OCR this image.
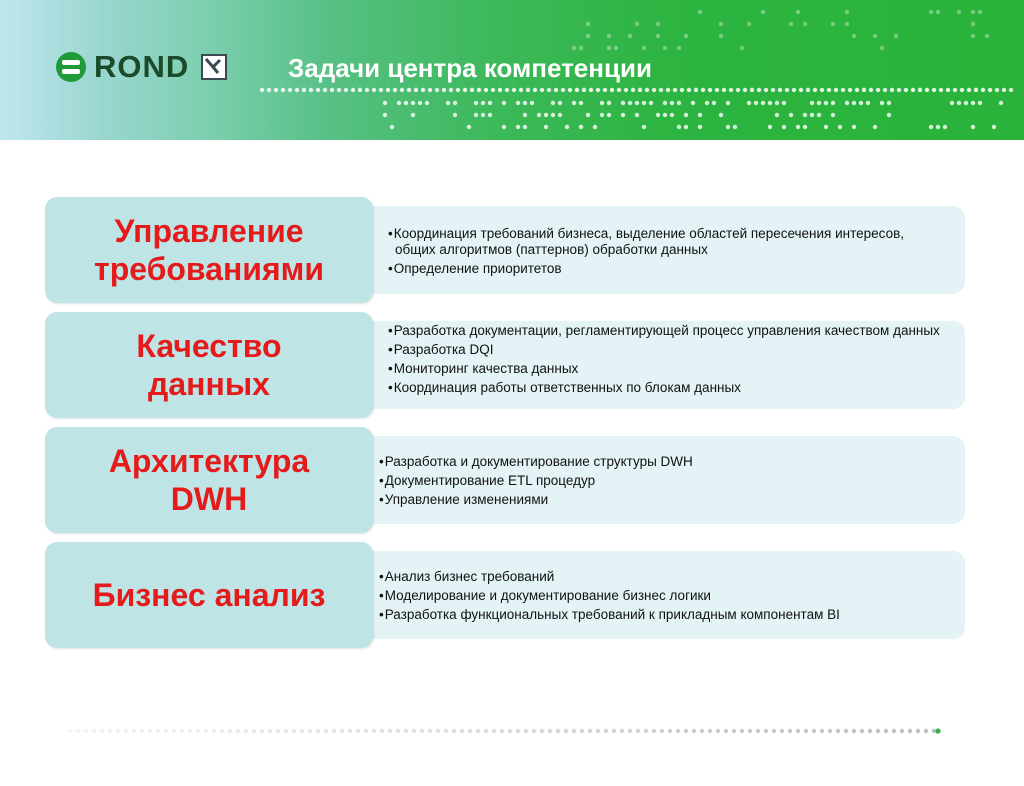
RОND	Задачи центра компетенции
• Координация требований бизнеса, выделение областей пересечения интересов, общих алгоритмов (паттернов) обработки данных
• Определение приоритетов

Управление требованиями

• Разработка документации, регламентирующей процесс управления качеством данных
• Разработка DQI
• Мониторинг качества данных
• Координация работы ответственных по блокам данных

Качество данных

• Разработка и документирование структуры DWH
• Документирование ETL процедур
• Управление изменениями

Архитектура DWH

• Анализ бизнес требований
• Моделирование и документирование бизнес логики
• Разработка функциональных требований к прикладным компонентам BI

Бизнес анализ
